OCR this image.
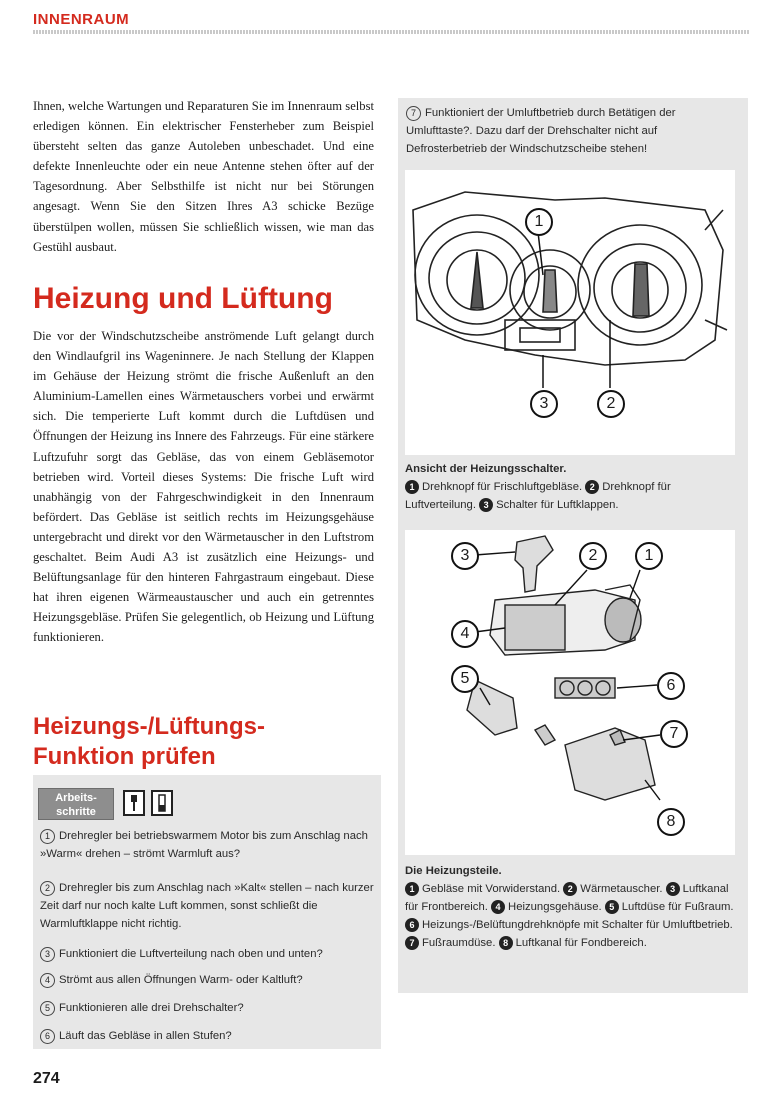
INNENRAUM
Ihnen, welche Wartungen und Reparaturen Sie im Innenraum selbst erledigen können. Ein elektrischer Fensterheber zum Beispiel übersteht selten das ganze Autoleben unbeschadet. Und eine defekte Innenleuchte oder ein neue Antenne stehen öfter auf der Tagesordnung. Aber Selbsthilfe ist nicht nur bei Störungen angesagt. Wenn Sie den Sitzen Ihres A3 schicke Bezüge überstülpen wollen, müssen Sie schließlich wissen, wie man das Gestühl ausbaut.
Heizung und Lüftung
Die vor der Windschutzscheibe anströmende Luft gelangt durch den Windlaufgril ins Wageninnere. Je nach Stellung der Klappen im Gehäuse der Heizung strömt die frische Außenluft an den Aluminium-Lamellen eines Wärmetauschers vorbei und erwärmt sich. Die temperierte Luft kommt durch die Luftdüsen und Öffnungen der Heizung ins Innere des Fahrzeugs. Für eine stärkere Luftzufuhr sorgt das Gebläse, das von einem Gebläsemotor betrieben wird. Vorteil dieses Systems: Die frische Luft wird unabhängig von der Fahrgeschwindigkeit in den Innenraum befördert. Das Gebläse ist seitlich rechts im Heizungsgehäuse untergebracht und direkt vor den Wärmetauscher in den Luftstrom geschaltet. Beim Audi A3 ist zusätzlich eine Heizungs- und Belüftungsanlage für den hinteren Fahrgastraum eingebaut. Diese hat ihren eigenen Wärmeaustauscher und auch ein getrenntes Heizungsgebläse. Prüfen Sie gelegentlich, ob Heizung und Lüftung funktionieren.
Heizungs-/Lüftungs-
Funktion prüfen
Arbeits-
schritte
1 Drehregler bei betriebswarmem Motor bis zum Anschlag nach »Warm« drehen – strömt Warmluft aus?
2 Drehregler bis zum Anschlag nach »Kalt« stellen – nach kurzer Zeit darf nur noch kalte Luft kommen, sonst schließt die Warmluftklappe nicht richtig.
3 Funktioniert die Luftverteilung nach oben und unten?
4 Strömt aus allen Öffnungen Warm- oder Kaltluft?
5 Funktionieren alle drei Drehschalter?
6 Läuft das Gebläse in allen Stufen?
274
7 Funktioniert der Umluftbetrieb durch Betätigen der Umlufttaste?. Dazu darf der Drehschalter nicht auf Defrosterbetrieb der Windschutzscheibe stehen!
1
2
3
Ansicht der Heizungsschalter.
1 Drehknopf für Frischluftgebläse. 2 Drehknopf für Luftverteilung. 3 Schalter für Luftklappen.
3	2	1
4
5	6
7
8
Die Heizungsteile.
1 Gebläse mit Vorwiderstand. 2 Wärmetauscher. 3 Luftkanal für Frontbereich. 4 Heizungsgehäuse. 5 Luftdüse für Fußraum. 6 Heizungs-/Belüftungdrehknöpfe mit Schalter für Umluftbetrieb. 7 Fußraumdüse. 8 Luftkanal für Fondbereich.
